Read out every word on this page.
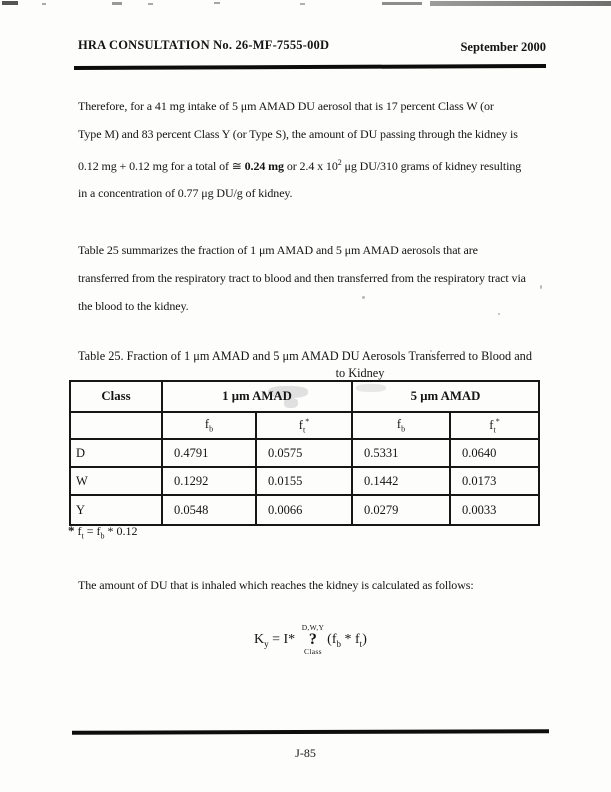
HRA CONSULTATION No. 26-MF-7555-00D	September 2000
Therefore, for a 41 mg intake of 5 μm AMAD DU aerosol that is 17 percent Class W (or
Type M) and 83 percent Class Y (or Type S), the amount of DU passing through the kidney is
0.12 mg + 0.12 mg for a total of ≅ 0.24 mg or 2.4 x $10^2$ μg DU/310 grams of kidney resulting
in a concentration of 0.77 μg DU/g of kidney.
Table 25 summarizes the fraction of 1 μm AMAD and 5 μm AMAD aerosols that are
transferred from the respiratory tract to blood and then transferred from the respiratory tract via
the blood to the kidney.
Table 25. Fraction of 1 μm AMAD and 5 μm AMAD DU Aerosols Transferred to Blood and
to Kidney
Class	1 μm AMAD		5 μm AMAD	
	$f_b$	$f_t^*$	$f_b$	$f_t^*$
D	0.4791	0.0575	0.5331	0.0640
W	0.1292	0.0155	0.1442	0.0173
Y	0.0548	0.0066	0.0279	0.0033
* $f_t = f_b * 0.12$
The amount of DU that is inhaled which reaches the kidney is calculated as follows:
$K_y = I*$
D,W,Y
?
Class
$(f_b * f_t)$
J-85
